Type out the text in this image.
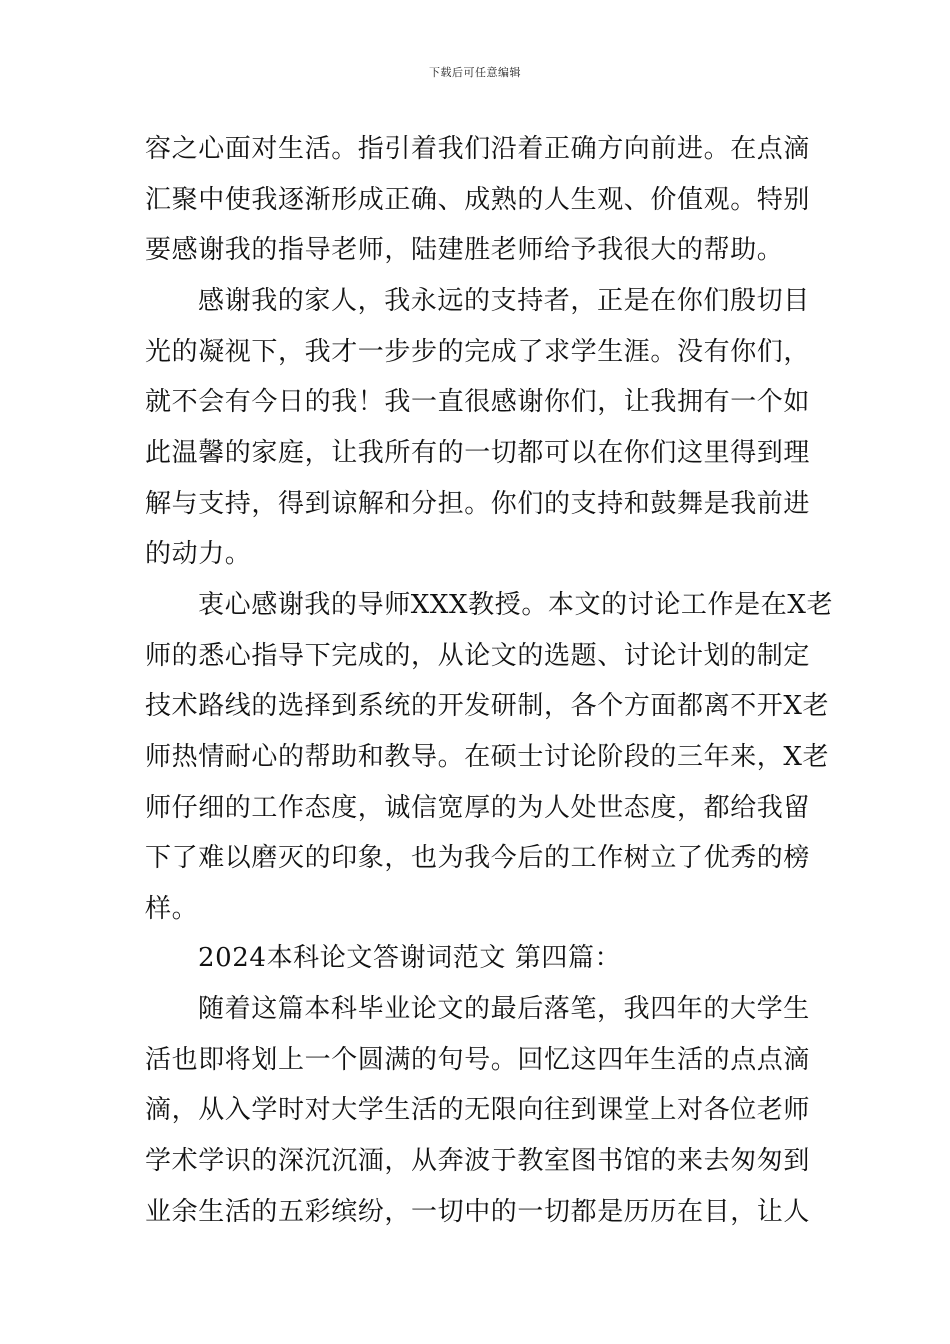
下载后可任意编辑
容之心面对生活。指引着我们沿着正确方向前进。在点滴
汇聚中使我逐渐形成正确、成熟的人生观、价值观。特别
要感谢我的指导老师，陆建胜老师给予我很大的帮助。
感谢我的家人，我永远的支持者，正是在你们殷切目
光的凝视下，我才一步步的完成了求学生涯。没有你们，
就不会有今日的我！我一直很感谢你们，让我拥有一个如
此温馨的家庭，让我所有的一切都可以在你们这里得到理
解与支持，得到谅解和分担。你们的支持和鼓舞是我前进
的动力。
衷心感谢我的导师XXX教授。本文的讨论工作是在X老
师的悉心指导下完成的，从论文的选题、讨论计划的制定
技术路线的选择到系统的开发研制，各个方面都离不开X老
师热情耐心的帮助和教导。在硕士讨论阶段的三年来，X老
师仔细的工作态度，诚信宽厚的为人处世态度，都给我留
下了难以磨灭的印象，也为我今后的工作树立了优秀的榜
样。
2024本科论文答谢词范文 第四篇：
随着这篇本科毕业论文的最后落笔，我四年的大学生
活也即将划上一个圆满的句号。回忆这四年生活的点点滴
滴，从入学时对大学生活的无限向往到课堂上对各位老师
学术学识的深沉沉湎，从奔波于教室图书馆的来去匆匆到
业余生活的五彩缤纷，一切中的一切都是历历在目，让人
